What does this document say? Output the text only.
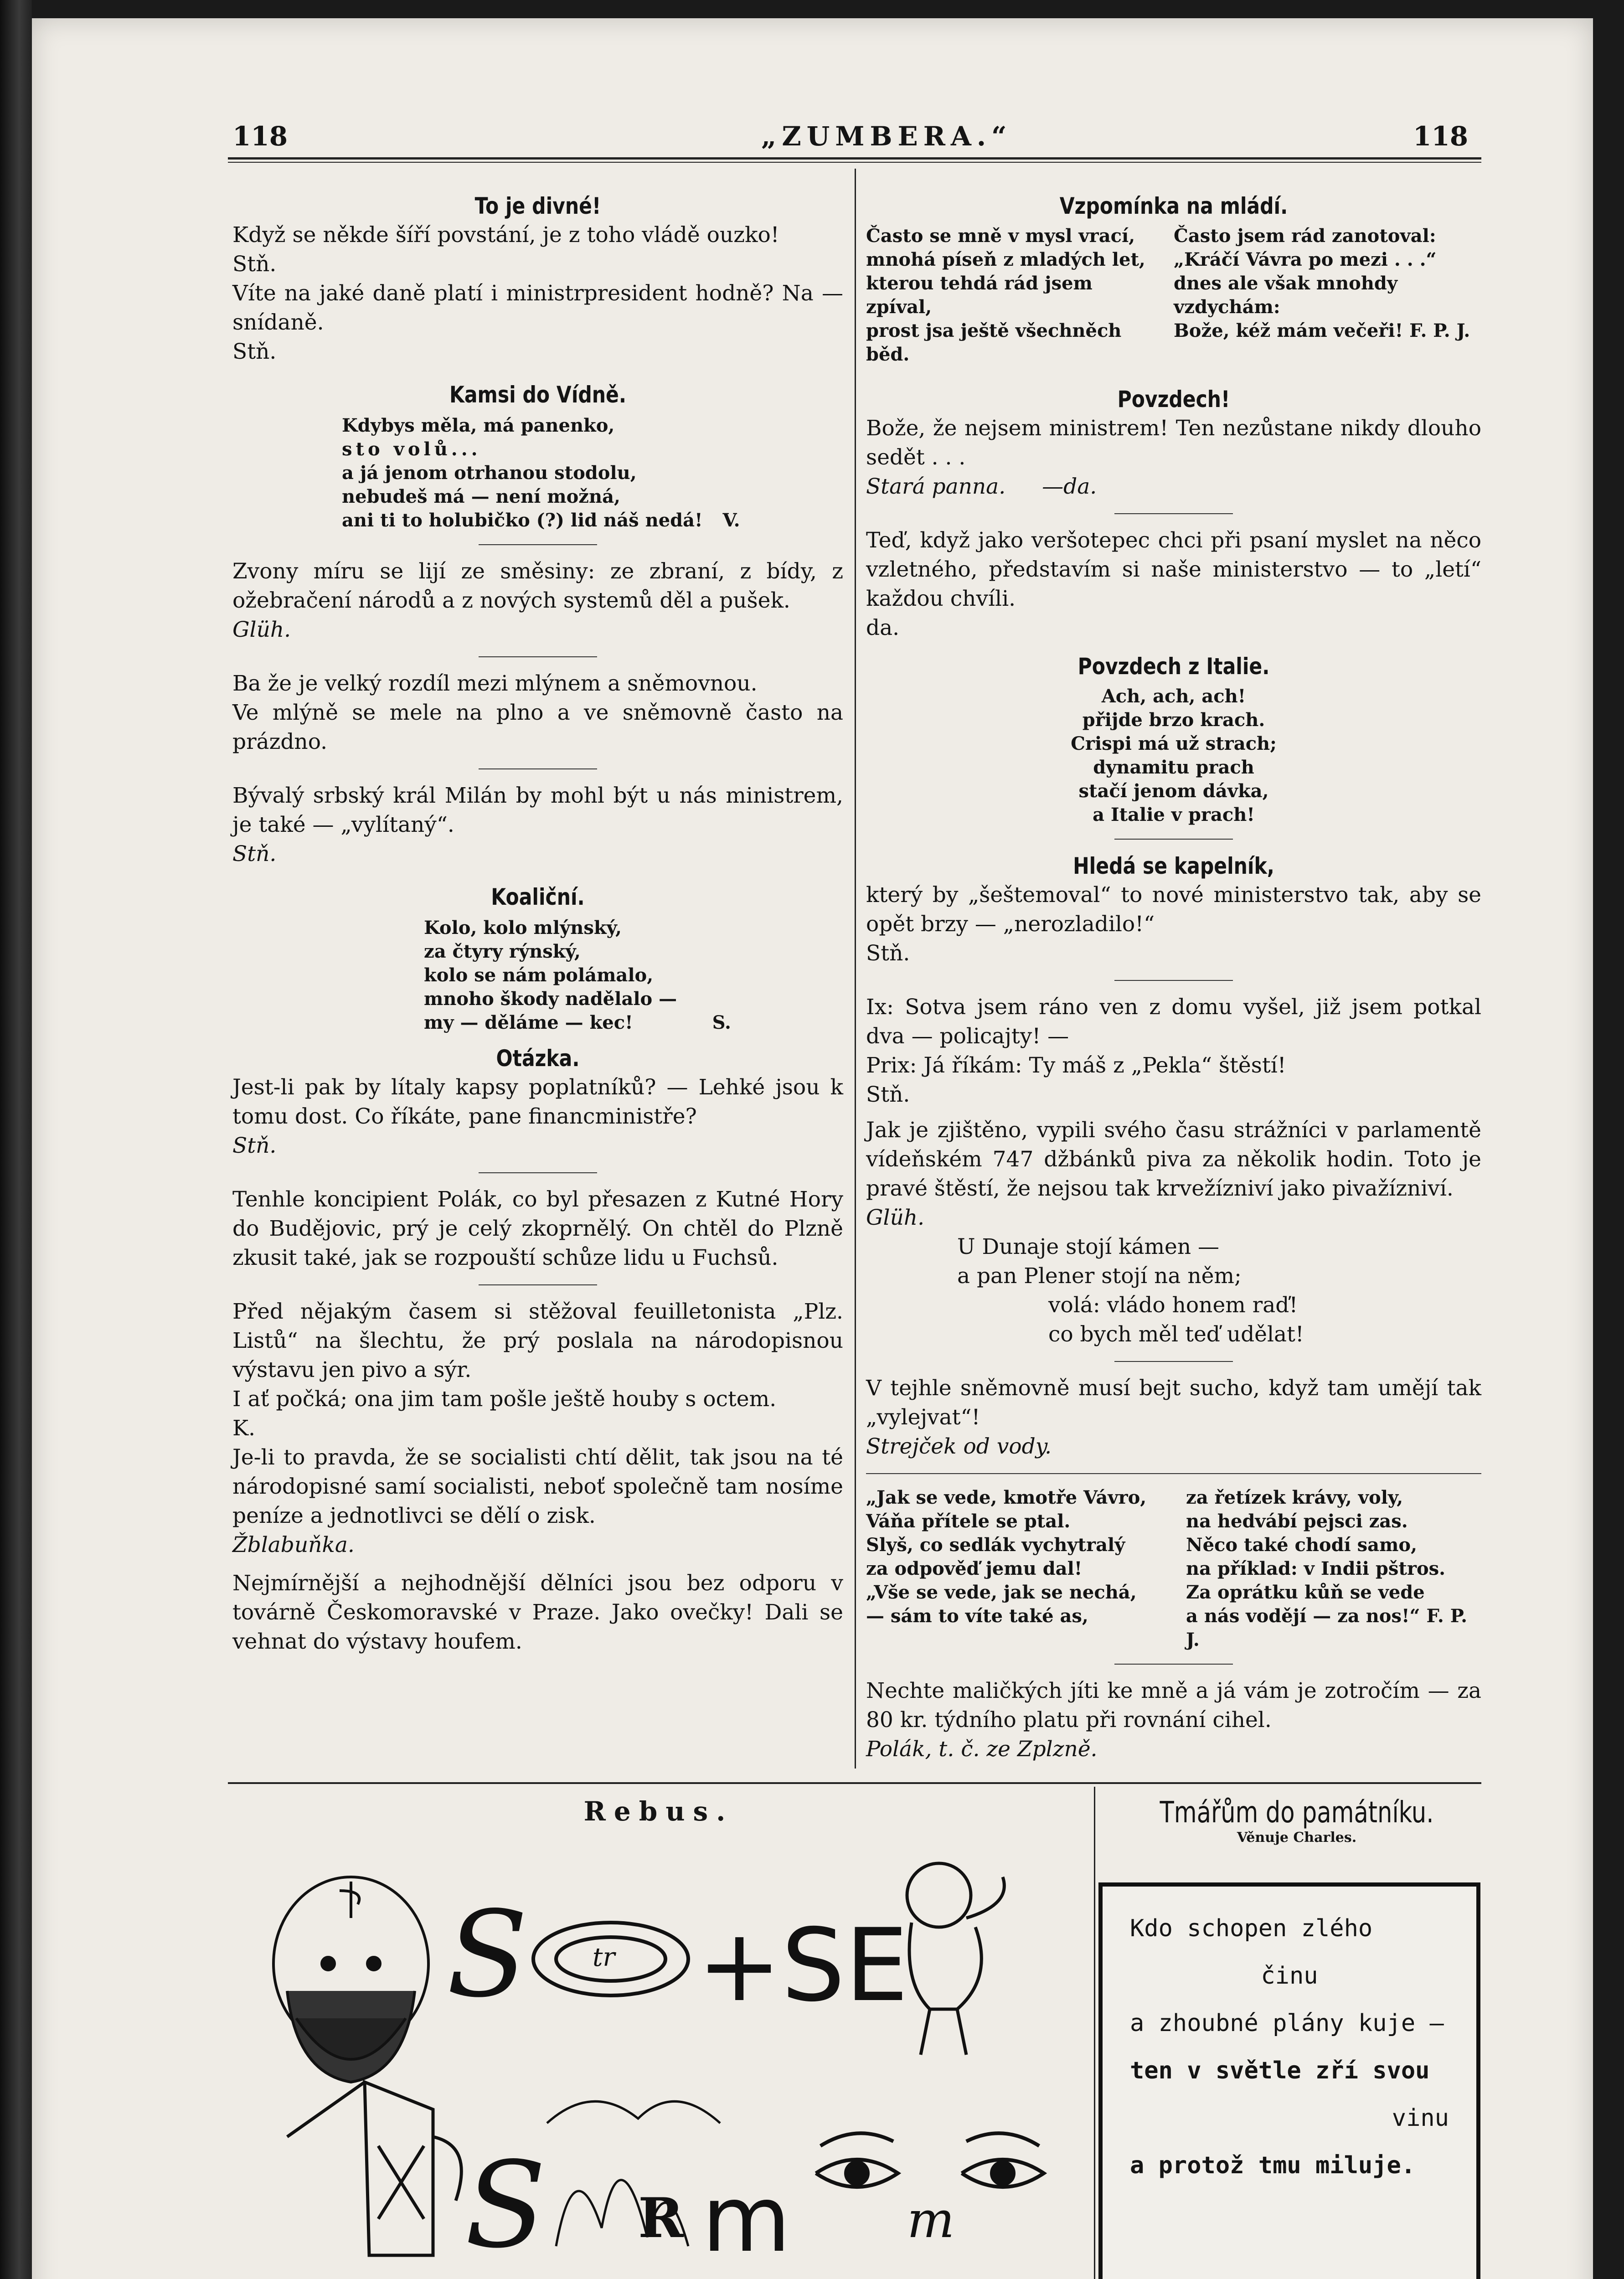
118	„ZUMBERA.“	118
To je divné!

Když se někde šíří povstání, je z toho vládě ouzko!

Stň.

Víte na jaké daně platí i ministrpresident hodně? Na — snídaně.

Stň.

Kamsi do Vídně.
Kdybys měla, má panenko,
sto volů...
a já jenom otrhanou stodolu,
nebudeš má — není možná,
ani ti to holubičko (?) lid náš nedá! V.

Zvony míru se lijí ze směsiny: ze zbraní, z bídy, z ožebračení národů a z nových systemů děl a pušek.

Glüh.

Ba že je velký rozdíl mezi mlýnem a sněmovnou.

Ve mlýně se mele na plno a ve sněmovně často na prázdno.

Bývalý srbský král Milán by mohl být u nás ministrem, je také — „vylítaný“.

Stň.

Koaliční.
Kolo, kolo mlýnský,
za čtyry rýnský,
kolo se nám polámalo,
mnoho škody nadělalo —
my — děláme — kec!	S.
Otázka.

Jest-li pak by lítaly kapsy poplatníků? — Lehké jsou k tomu dost. Co říkáte, pane financministře?

Stň.

Tenhle koncipient Polák, co byl přesazen z Kutné Hory do Budějovic, prý je celý zkoprnělý. On chtěl do Plzně zkusit také, jak se rozpouští schůze lidu u Fuchsů.

Před nějakým časem si stěžoval feuilletonista „Plz. Listů“ na šlechtu, že prý poslala na národopisnou výstavu jen pivo a sýr.

I ať počká; ona jim tam pošle ještě houby s octem.

K.

Je-li to pravda, že se socialisti chtí dělit, tak jsou na té národopisné samí socialisti, neboť společně tam nosíme peníze a jednotlivci se dělí o zisk.

Žblabuňka.

Nejmírnější a nejhodnější dělníci jsou bez odporu v továrně Českomoravské v Praze. Jako ovečky! Dali se vehnat do výstavy houfem.

Vzpomínka na mládí.
Často se mně v mysl vrací,
mnohá píseň z mladých let,
kterou tehdá rád jsem zpíval,
prost jsa ještě všechněch běd.
Často jsem rád zanotoval:
„Kráčí Vávra po mezi . . .“
dnes ale však mnohdy vzdychám:
Bože, kéž mám večeři! F. P. J.
Povzdech!

Bože, že nejsem ministrem! Ten nezůstane nikdy dlouho sedět . . .

Stará panna. —da.

Teď, když jako veršotepec chci při psaní myslet na něco vzletného, představím si naše ministerstvo — to „letí“ každou chvíli.

da.

Povzdech z Italie.
Ach, ach, ach!
přijde brzo krach.
Crispi má už strach;
dynamitu prach
stačí jenom dávka,
a Italie v prach!
Hledá se kapelník,

který by „šeštemoval“ to nové ministerstvo tak, aby se opět brzy — „nerozladilo!“

Stň.

Ix: Sotva jsem ráno ven z domu vyšel, již jsem potkal dva — policajty! —

Prix: Já říkám: Ty máš z „Pekla“ štěstí!

Stň.

Jak je zjištěno, vypili svého času strážníci v parlamentě vídeňském 747 džbánků piva za několik hodin. Toto je pravé štěstí, že nejsou tak krvežízniví jako pivažízniví.

Glüh.

U Dunaje stojí kámen —
a pan Plener stojí na něm;
volá: vládo honem raď!
co bych měl teď udělat!

V tejhle sněmovně musí bejt sucho, když tam umějí tak „vylejvat“!

Strejček od vody.

„Jak se vede, kmotře Vávro,
Váňa přítele se ptal.
Slyš, co sedlák vychytralý
za odpověď jemu dal!
„Vše se vede, jak se nechá,
— sám to víte také as,
za řetízek krávy, voly,
na hedvábí pejsci zas.
Něco také chodí samo,
na příklad: v Indii pštros.
Za oprátku kůň se vede
a nás vodějí — za nos!“ F. P. J.

Nechte maličkých jíti ke mně a já vám je zotročím — za 80 kr. týdního platu při rovnání cihel.

Polák, t. č. ze Zplzně.

Rebus.
S	tr +SE
S R m m
Tmářům do památníku.
Věnuje Charles.
Kdo schopen zlého
činu
a zhoubné plány kuje —
ten v světle zří svou
vinu
a protož tmu miluje.
